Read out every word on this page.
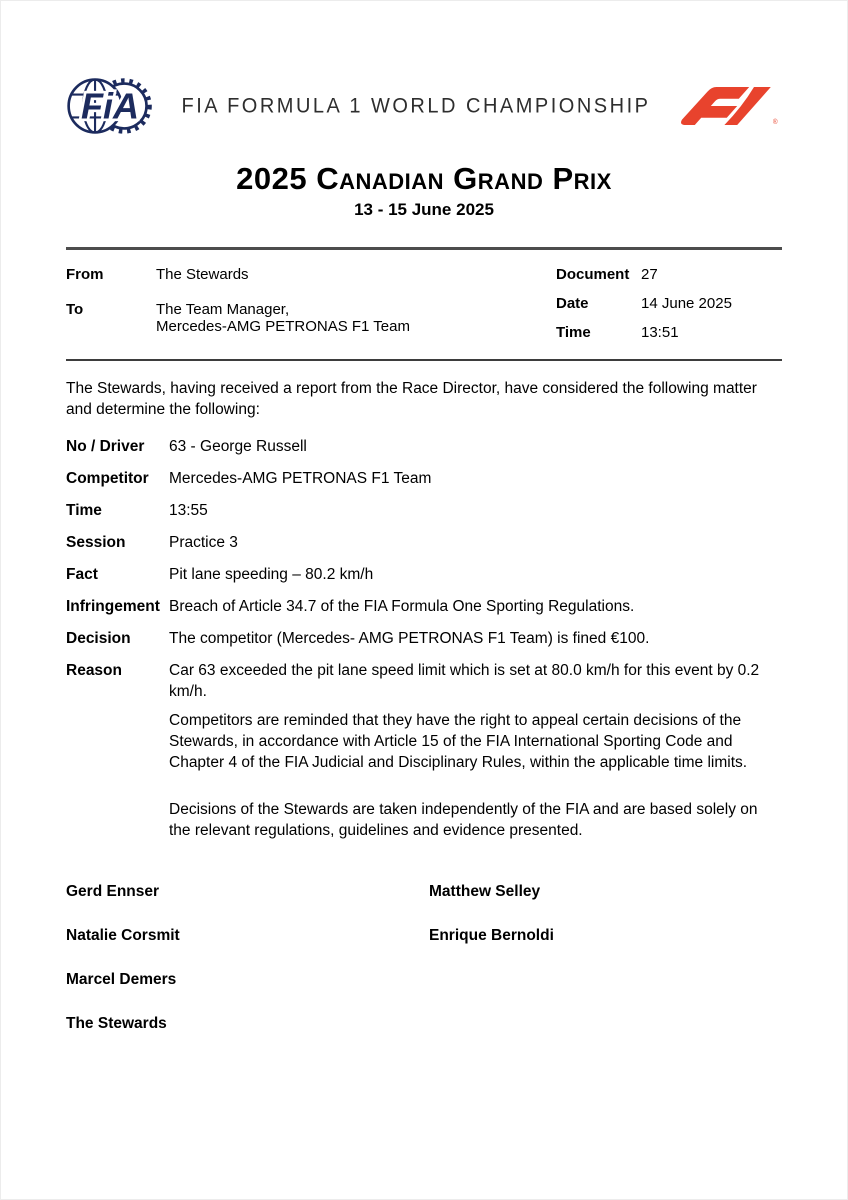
FiA	FIA FORMULA 1 WORLD CHAMPIONSHIP
®
2025 Canadian Grand Prix
13 - 15 June 2025
From	The Stewards
To	The Team Manager,
Mercedes-AMG PETRONAS F1 Team
Document 27
Date	14 June 2025
Time	13:51

The Stewards, having received a report from the Race Director, have considered the following matter and determine the following:

No / Driver	63 - George Russell
Competitor	Mercedes-AMG PETRONAS F1 Team
Time	13:55
Session	Practice 3
Fact	Pit lane speeding – 80.2 km/h
Infringement Breach of Article 34.7 of the FIA Formula One Sporting Regulations.
Decision	The competitor (Mercedes- AMG PETRONAS F1 Team) is fined €100.
Reason	Car 63 exceeded the pit lane speed limit which is set at 80.0 km/h for this event by 0.2 km/h.

Competitors are reminded that they have the right to appeal certain decisions of the Stewards, in accordance with Article 15 of the FIA International Sporting Code and Chapter 4 of the FIA Judicial and Disciplinary Rules, within the applicable time limits.

Decisions of the Stewards are taken independently of the FIA and are based solely on the relevant regulations, guidelines and evidence presented.

Gerd Ennser	Matthew Selley
Natalie Corsmit	Enrique Bernoldi
Marcel Demers
The Stewards
